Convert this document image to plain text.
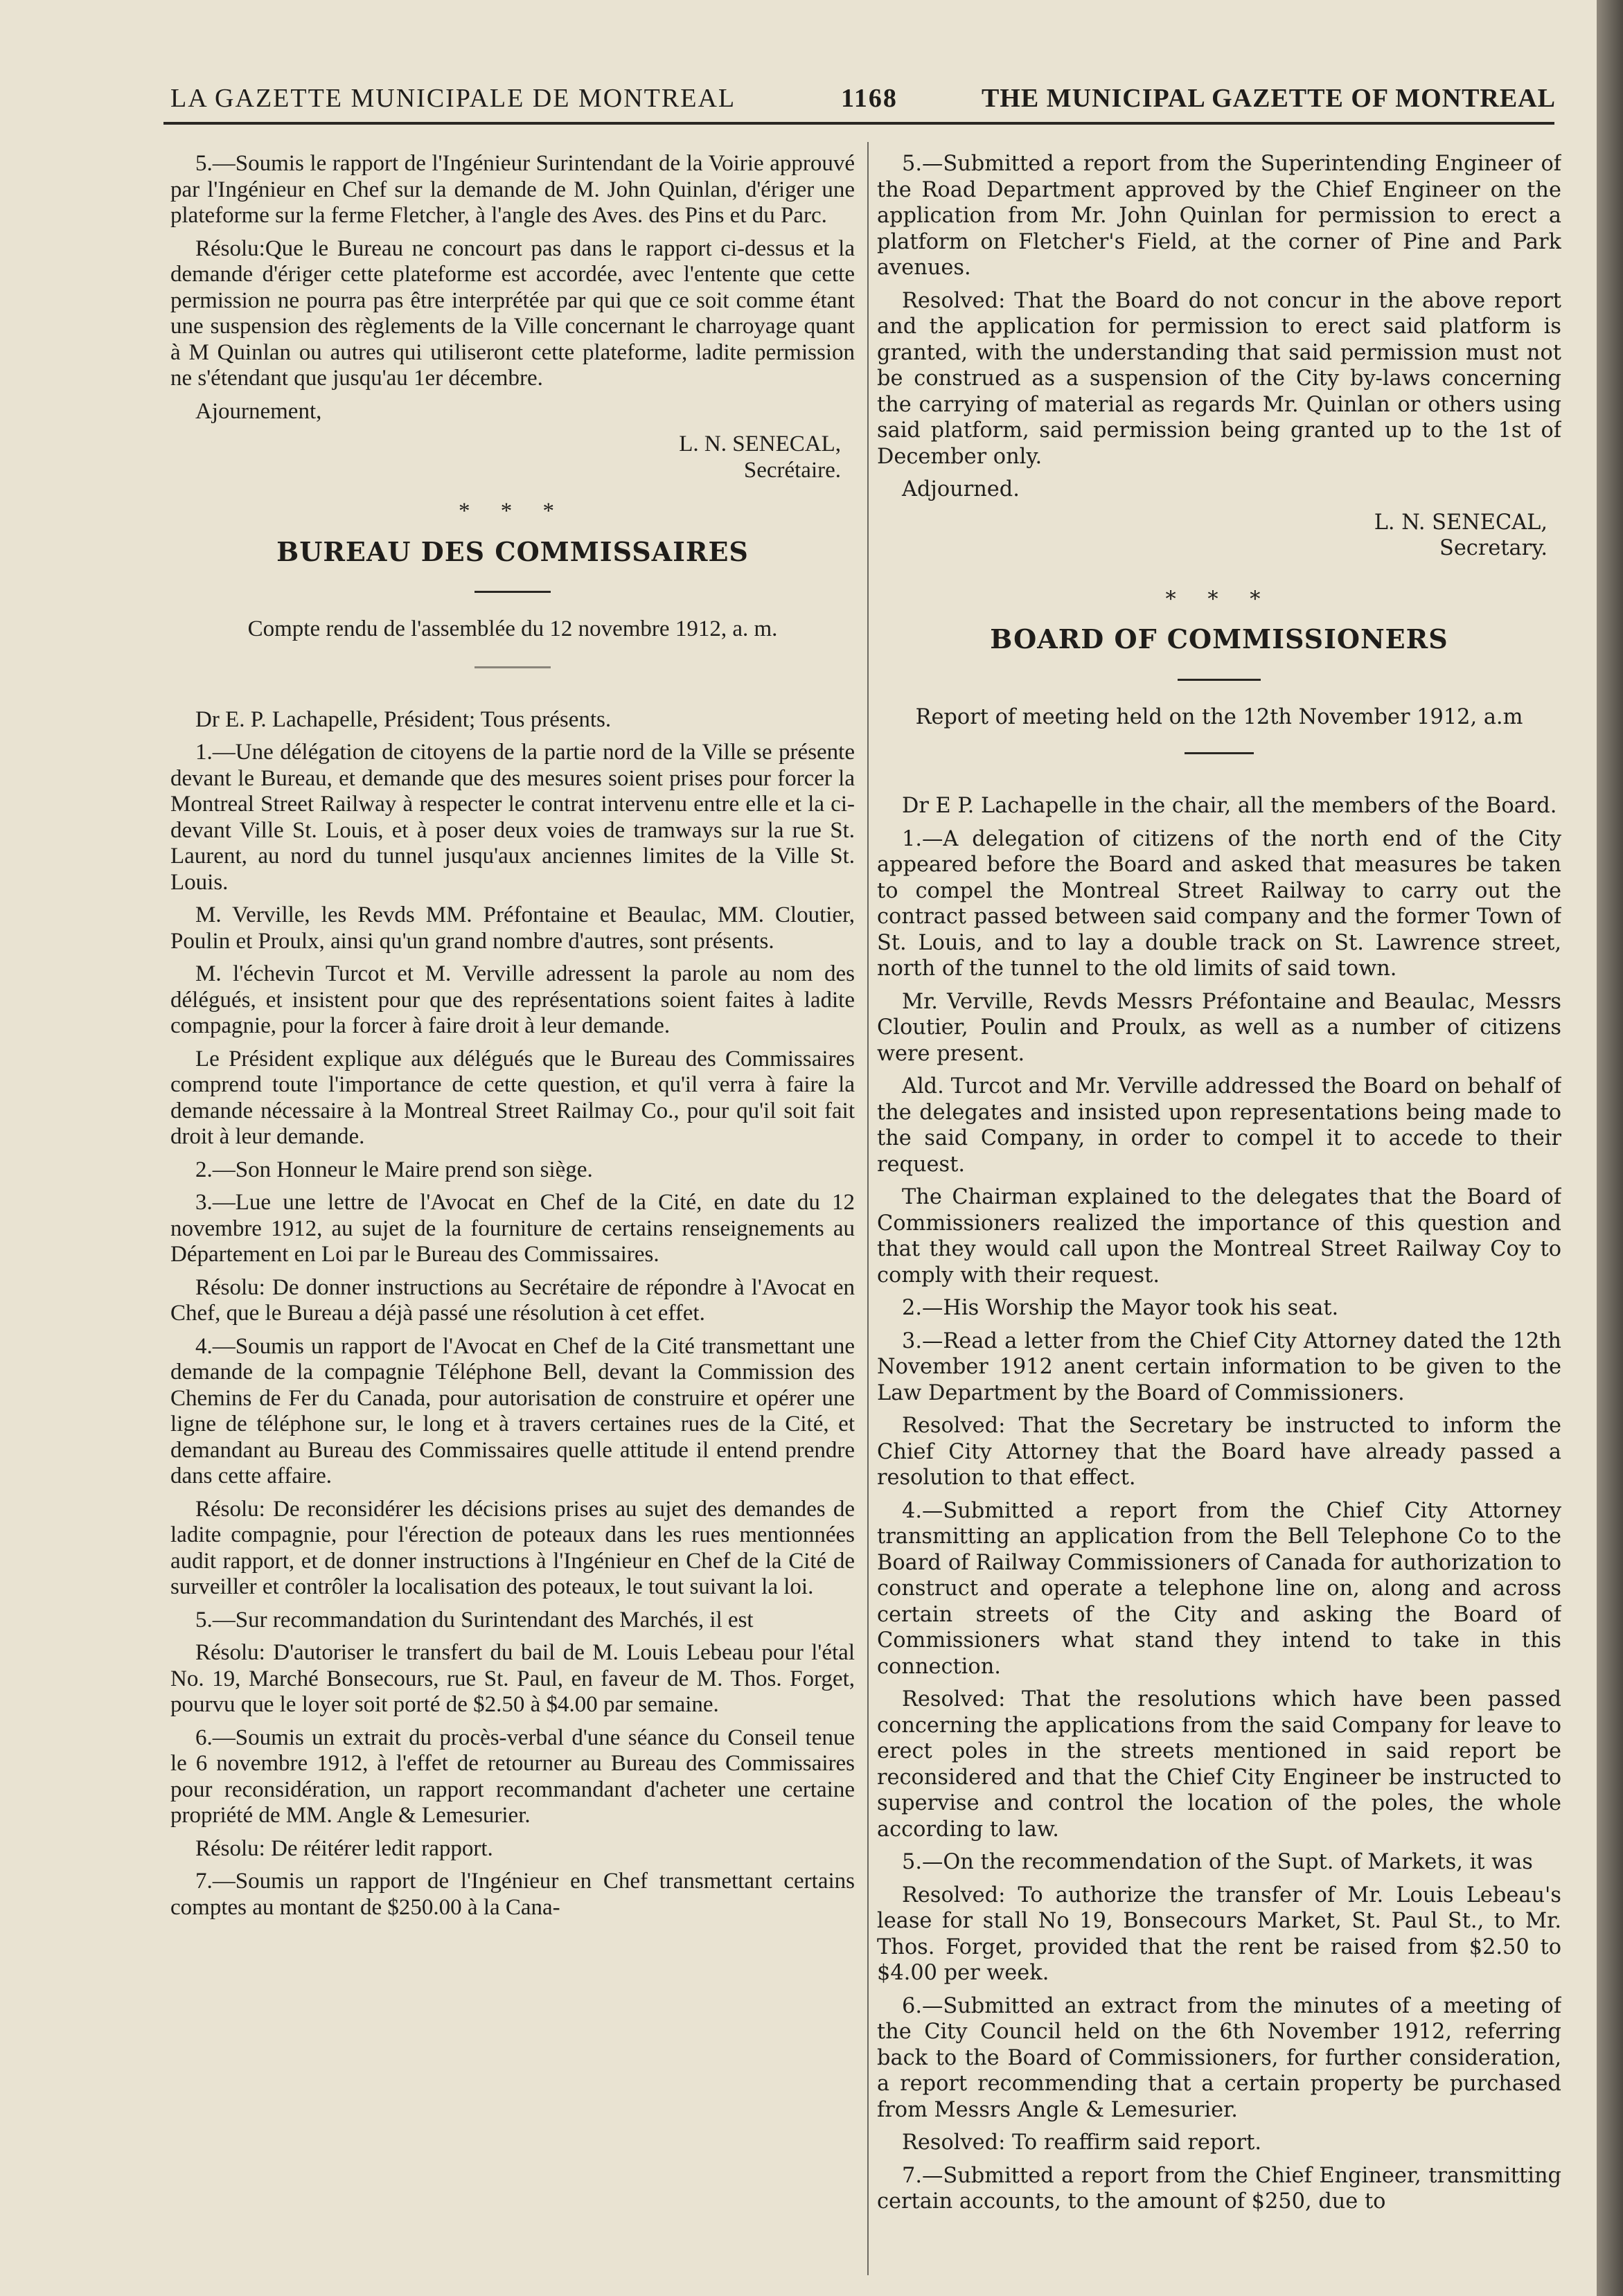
LA GAZETTE MUNICIPALE DE MONTREAL	1168	THE MUNICIPAL GAZETTE OF MONTREAL

5.—Soumis le rapport de l'Ingénieur Surintendant de la Voirie approuvé par l'Ingénieur en Chef sur la demande de M. John Quinlan, d'ériger une plateforme sur la ferme Fletcher, à l'angle des Aves. des Pins et du Parc.

Résolu:Que le Bureau ne concourt pas dans le rapport ci-dessus et la demande d'ériger cette plateforme est accordée, avec l'entente que cette permission ne pourra pas être interprétée par qui que ce soit comme étant une suspension des règlements de la Ville concernant le charroyage quant à M Quinlan ou autres qui utiliseront cette plateforme, ladite permission ne s'étendant que jusqu'au 1er décembre.

Ajournement,

L. N. SENECAL,

Secrétaire.

* * *

BUREAU DES COMMISSAIRES

Compte rendu de l'assemblée du 12 novembre 1912, a. m.

Dr E. P. Lachapelle, Président; Tous présents.

1.—Une délégation de citoyens de la partie nord de la Ville se présente devant le Bureau, et demande que des mesures soient prises pour forcer la Montreal Street Railway à respecter le contrat intervenu entre elle et la ci-devant Ville St. Louis, et à poser deux voies de tramways sur la rue St. Laurent, au nord du tunnel jusqu'aux anciennes limites de la Ville St. Louis.

M. Verville, les Revds MM. Préfontaine et Beaulac, MM. Cloutier, Poulin et Proulx, ainsi qu'un grand nombre d'autres, sont présents.

M. l'échevin Turcot et M. Verville adressent la parole au nom des délégués, et insistent pour que des représentations soient faites à ladite compagnie, pour la forcer à faire droit à leur demande.

Le Président explique aux délégués que le Bureau des Commissaires comprend toute l'importance de cette question, et qu'il verra à faire la demande nécessaire à la Montreal Street Railmay Co., pour qu'il soit fait droit à leur demande.

2.—Son Honneur le Maire prend son siège.

3.—Lue une lettre de l'Avocat en Chef de la Cité, en date du 12 novembre 1912, au sujet de la fourniture de certains renseignements au Département en Loi par le Bureau des Commissaires.

Résolu: De donner instructions au Secrétaire de répondre à l'Avocat en Chef, que le Bureau a déjà passé une résolution à cet effet.

4.—Soumis un rapport de l'Avocat en Chef de la Cité transmettant une demande de la compagnie Téléphone Bell, devant la Commission des Chemins de Fer du Canada, pour autorisation de construire et opérer une ligne de téléphone sur, le long et à travers certaines rues de la Cité, et demandant au Bureau des Commissaires quelle attitude il entend prendre dans cette affaire.

Résolu: De reconsidérer les décisions prises au sujet des demandes de ladite compagnie, pour l'érection de poteaux dans les rues mentionnées audit rapport, et de donner instructions à l'Ingénieur en Chef de la Cité de surveiller et contrôler la localisation des poteaux, le tout suivant la loi.

5.—Sur recommandation du Surintendant des Marchés, il est

Résolu: D'autoriser le transfert du bail de M. Louis Lebeau pour l'étal No. 19, Marché Bonsecours, rue St. Paul, en faveur de M. Thos. Forget, pourvu que le loyer soit porté de $2.50 à $4.00 par semaine.

6.—Soumis un extrait du procès-verbal d'une séance du Conseil tenue le 6 novembre 1912, à l'effet de retourner au Bureau des Commissaires pour reconsidération, un rapport recommandant d'acheter une certaine propriété de MM. Angle & Lemesurier.

Résolu: De réitérer ledit rapport.

7.—Soumis un rapport de l'Ingénieur en Chef transmettant certains comptes au montant de $250.00 à la Cana-

5.—Submitted a report from the Superintending Engineer of the Road Department approved by the Chief Engineer on the application from Mr. John Quinlan for permission to erect a platform on Fletcher's Field, at the corner of Pine and Park avenues.

Resolved: That the Board do not concur in the above report and the application for permission to erect said platform is granted, with the understanding that said permission must not be construed as a suspension of the City by-laws concerning the carrying of material as regards Mr. Quinlan or others using said platform, said permission being granted up to the 1st of December only.

Adjourned.

L. N. SENECAL,

Secretary.

* * *

BOARD OF COMMISSIONERS

Report of meeting held on the 12th November 1912, a.m

Dr E P. Lachapelle in the chair, all the members of the Board.

1.—A delegation of citizens of the north end of the City appeared before the Board and asked that measures be taken to compel the Montreal Street Railway to carry out the contract passed between said company and the former Town of St. Louis, and to lay a double track on St. Lawrence street, north of the tunnel to the old limits of said town.

Mr. Verville, Revds Messrs Préfontaine and Beaulac, Messrs Cloutier, Poulin and Proulx, as well as a number of citizens were present.

Ald. Turcot and Mr. Verville addressed the Board on behalf of the delegates and insisted upon representations being made to the said Company, in order to compel it to accede to their request.

The Chairman explained to the delegates that the Board of Commissioners realized the importance of this question and that they would call upon the Montreal Street Railway Coy to comply with their request.

2.—His Worship the Mayor took his seat.

3.—Read a letter from the Chief City Attorney dated the 12th November 1912 anent certain information to be given to the Law Department by the Board of Commissioners.

Resolved: That the Secretary be instructed to inform the Chief City Attorney that the Board have already passed a resolution to that effect.

4.—Submitted a report from the Chief City Attorney transmitting an application from the Bell Telephone Co to the Board of Railway Commissioners of Canada for authorization to construct and operate a telephone line on, along and across certain streets of the City and asking the Board of Commissioners what stand they intend to take in this connection.

Resolved: That the resolutions which have been passed concerning the applications from the said Company for leave to erect poles in the streets mentioned in said report be reconsidered and that the Chief City Engineer be instructed to supervise and control the location of the poles, the whole according to law.

5.—On the recommendation of the Supt. of Markets, it was

Resolved: To authorize the transfer of Mr. Louis Lebeau's lease for stall No 19, Bonsecours Market, St. Paul St., to Mr. Thos. Forget, provided that the rent be raised from $2.50 to $4.00 per week.

6.—Submitted an extract from the minutes of a meeting of the City Council held on the 6th November 1912, referring back to the Board of Commissioners, for further consideration, a report recommending that a certain property be purchased from Messrs Angle & Lemesurier.

Resolved: To reaffirm said report.

7.—Submitted a report from the Chief Engineer, transmitting certain accounts, to the amount of $250, due to
